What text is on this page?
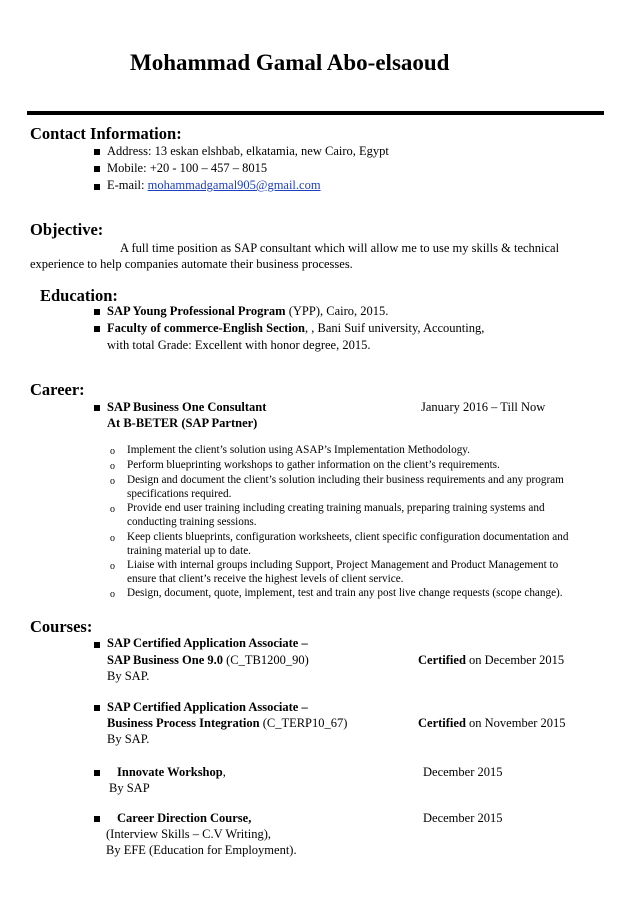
Mohammad Gamal Abo-elsaoud
Contact Information:
Address: 13 eskan elshbab, elkatamia, new Cairo, Egypt
Mobile: +20 - 100 – 457 – 8015
E-mail: mohammadgamal905@gmail.com
Objective:
A full time position as SAP consultant which will allow me to use my skills & technical
experience to help companies automate their business processes.
Education:
SAP Young Professional Program (YPP), Cairo, 2015.
Faculty of commerce-English Section, , Bani Suif university, Accounting,
with total Grade: Excellent with honor degree, 2015.
Career:
SAP Business One Consultant	January 2016 – Till Now
At B-BETER (SAP Partner)
o Implement the client’s solution using ASAP’s Implementation Methodology.
o Perform blueprinting workshops to gather information on the client’s requirements.
o Design and document the client’s solution including their business requirements and any program
specifications required.
o Provide end user training including creating training manuals, preparing training systems and
conducting training sessions.
o Keep clients blueprints, configuration worksheets, client specific configuration documentation and
training material up to date.
o Liaise with internal groups including Support, Project Management and Product Management to
ensure that client’s receive the highest levels of client service.
o Design, document, quote, implement, test and train any post live change requests (scope change).
Courses:
SAP Certified Application Associate –
SAP Business One 9.0 (C_TB1200_90)	Certified on December 2015
By SAP.
SAP Certified Application Associate –
Business Process Integration (C_TERP10_67)	Certified on November 2015
By SAP.
Innovate Workshop,	December 2015
By SAP
Career Direction Course,	December 2015
(Interview Skills – C.V Writing),
By EFE (Education for Employment).
